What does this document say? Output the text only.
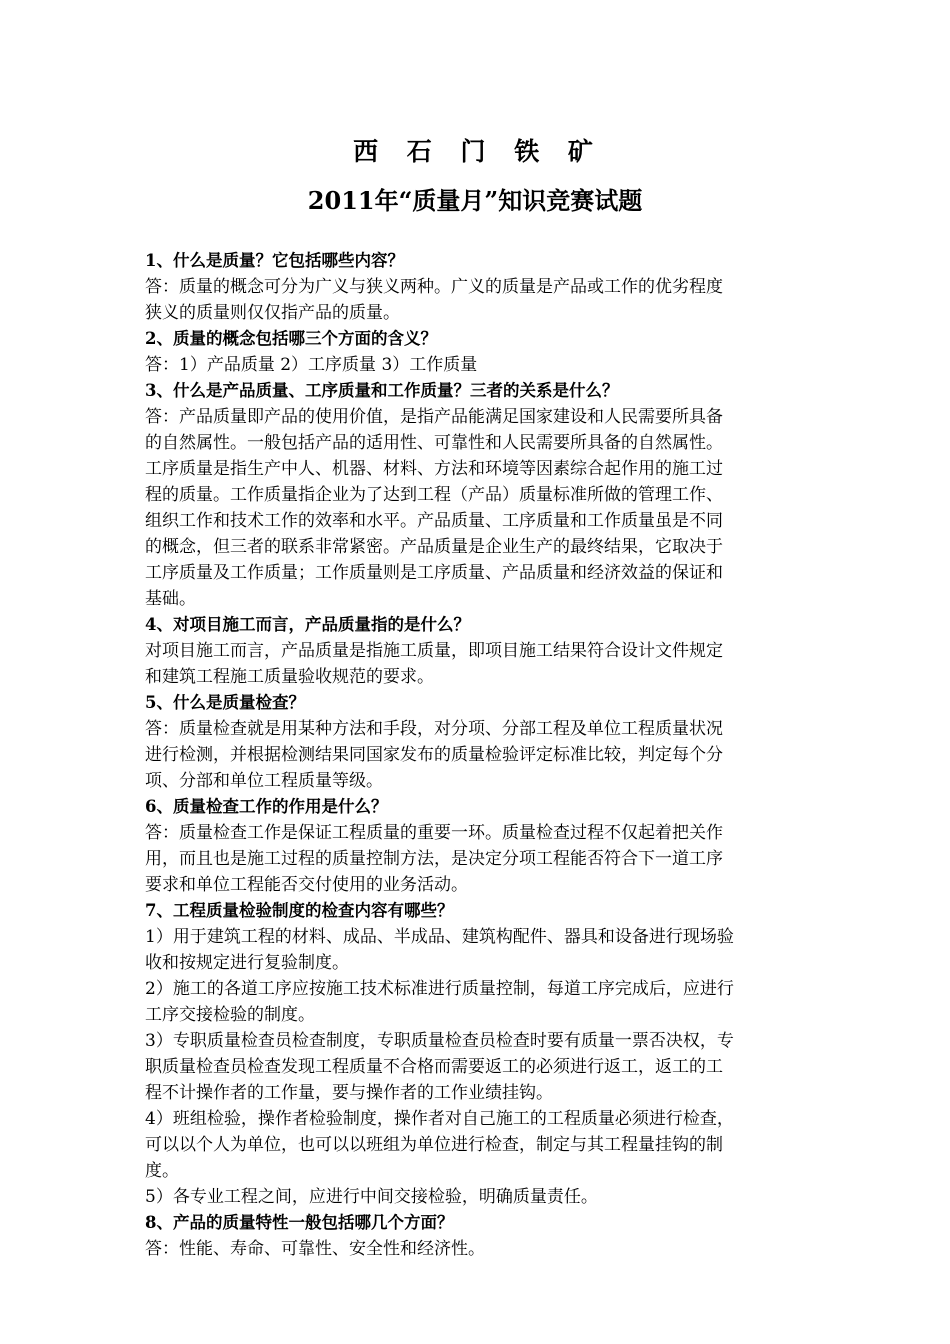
西 石 门 铁 矿
2011年“质量月”知识竞赛试题
1、什么是质量？它包括哪些内容？
答：质量的概念可分为广义与狭义两种。广义的质量是产品或工作的优劣程度
狭义的质量则仅仅指产品的质量。
2、质量的概念包括哪三个方面的含义？
答：1）产品质量 2）工序质量 3）工作质量
3、什么是产品质量、工序质量和工作质量？三者的关系是什么？
答：产品质量即产品的使用价值，是指产品能满足国家建设和人民需要所具备
的自然属性。一般包括产品的适用性、可靠性和人民需要所具备的自然属性。
工序质量是指生产中人、机器、材料、方法和环境等因素综合起作用的施工过
程的质量。工作质量指企业为了达到工程（产品）质量标准所做的管理工作、
组织工作和技术工作的效率和水平。产品质量、工序质量和工作质量虽是不同
的概念，但三者的联系非常紧密。产品质量是企业生产的最终结果，它取决于
工序质量及工作质量；工作质量则是工序质量、产品质量和经济效益的保证和
基础。
4、对项目施工而言，产品质量指的是什么？
对项目施工而言，产品质量是指施工质量，即项目施工结果符合设计文件规定
和建筑工程施工质量验收规范的要求。
5、什么是质量检查？
答：质量检查就是用某种方法和手段，对分项、分部工程及单位工程质量状况
进行检测，并根据检测结果同国家发布的质量检验评定标准比较，判定每个分
项、分部和单位工程质量等级。
6、质量检查工作的作用是什么？
答：质量检查工作是保证工程质量的重要一环。质量检查过程不仅起着把关作
用，而且也是施工过程的质量控制方法，是决定分项工程能否符合下一道工序
要求和单位工程能否交付使用的业务活动。
7、工程质量检验制度的检查内容有哪些？
1）用于建筑工程的材料、成品、半成品、建筑构配件、器具和设备进行现场验
收和按规定进行复验制度。
2）施工的各道工序应按施工技术标准进行质量控制，每道工序完成后，应进行
工序交接检验的制度。
3）专职质量检查员检查制度，专职质量检查员检查时要有质量一票否决权，专
职质量检查员检查发现工程质量不合格而需要返工的必须进行返工，返工的工
程不计操作者的工作量，要与操作者的工作业绩挂钩。
4）班组检验，操作者检验制度，操作者对自己施工的工程质量必须进行检查，
可以以个人为单位，也可以以班组为单位进行检查，制定与其工程量挂钩的制
度。
5）各专业工程之间，应进行中间交接检验，明确质量责任。
8、产品的质量特性一般包括哪几个方面？
答：性能、寿命、可靠性、安全性和经济性。
